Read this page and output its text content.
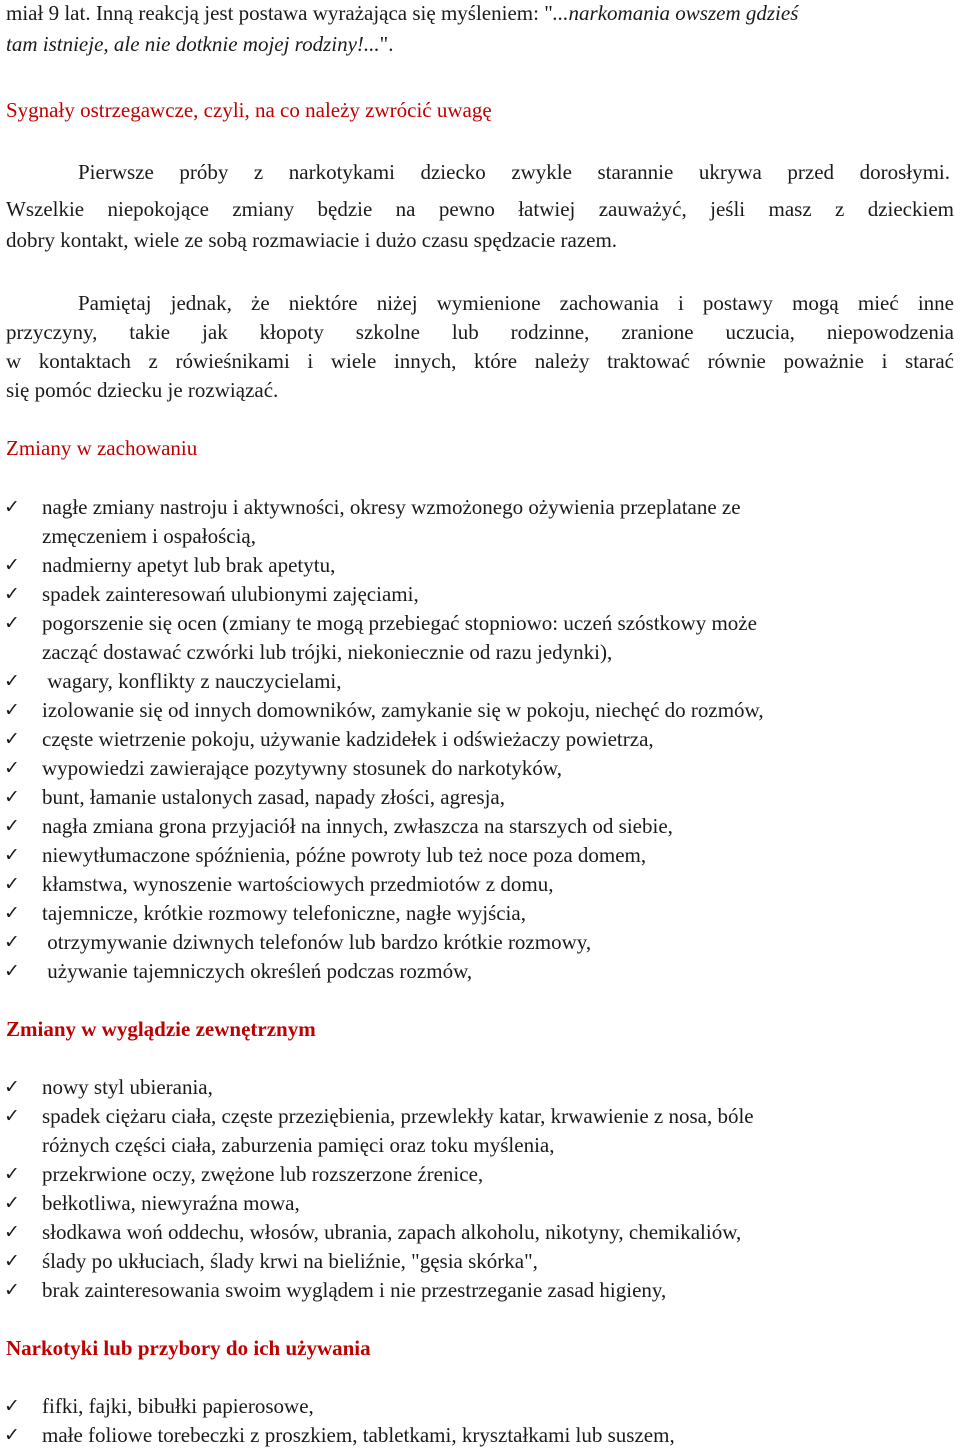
miał 9 lat. Inną reakcją jest postawa wyrażająca się myśleniem: "...narkomania owszem gdzieś
tam istnieje, ale nie dotknie mojej rodziny!...".
Sygnały ostrzegawcze, czyli, na co należy zwrócić uwagę
Pierwsze próby z narkotykami dziecko zwykle starannie ukrywa przed dorosłymi.
Wszelkie niepokojące zmiany będzie na pewno łatwiej zauważyć, jeśli masz z dzieckiem
dobry kontakt, wiele ze sobą rozmawiacie i dużo czasu spędzacie razem.
Pamiętaj jednak, że niektóre niżej wymienione zachowania i postawy mogą mieć inne
przyczyny, takie jak kłopoty szkolne lub rodzinne, zranione uczucia, niepowodzenia
w kontaktach z rówieśnikami i wiele innych, które należy traktować równie poważnie i starać
się pomóc dziecku je rozwiązać.
Zmiany w zachowaniu
✓ nagłe zmiany nastroju i aktywności, okresy wzmożonego ożywienia przeplatane ze
zmęczeniem i ospałością,
✓ nadmierny apetyt lub brak apetytu,
✓ spadek zainteresowań ulubionymi zajęciami,
✓ pogorszenie się ocen (zmiany te mogą przebiegać stopniowo: uczeń szóstkowy może
zacząć dostawać czwórki lub trójki, niekoniecznie od razu jedynki),
✓ wagary, konflikty z nauczycielami,
✓ izolowanie się od innych domowników, zamykanie się w pokoju, niechęć do rozmów,
✓ częste wietrzenie pokoju, używanie kadzidełek i odświeżaczy powietrza,
✓ wypowiedzi zawierające pozytywny stosunek do narkotyków,
✓ bunt, łamanie ustalonych zasad, napady złości, agresja,
✓ nagła zmiana grona przyjaciół na innych, zwłaszcza na starszych od siebie,
✓ niewytłumaczone spóźnienia, późne powroty lub też noce poza domem,
✓ kłamstwa, wynoszenie wartościowych przedmiotów z domu,
✓ tajemnicze, krótkie rozmowy telefoniczne, nagłe wyjścia,
✓ otrzymywanie dziwnych telefonów lub bardzo krótkie rozmowy,
✓ używanie tajemniczych określeń podczas rozmów,
Zmiany w wyglądzie zewnętrznym
✓ nowy styl ubierania,
✓ spadek ciężaru ciała, częste przeziębienia, przewlekły katar, krwawienie z nosa, bóle
różnych części ciała, zaburzenia pamięci oraz toku myślenia,
✓ przekrwione oczy, zwężone lub rozszerzone źrenice,
✓ bełkotliwa, niewyraźna mowa,
✓ słodkawa woń oddechu, włosów, ubrania, zapach alkoholu, nikotyny, chemikaliów,
✓ ślady po ukłuciach, ślady krwi na bieliźnie, "gęsia skórka",
✓ brak zainteresowania swoim wyglądem i nie przestrzeganie zasad higieny,
Narkotyki lub przybory do ich używania
✓ fifki, fajki, bibułki papierosowe,
✓ małe foliowe torebeczki z proszkiem, tabletkami, kryształkami lub suszem,
